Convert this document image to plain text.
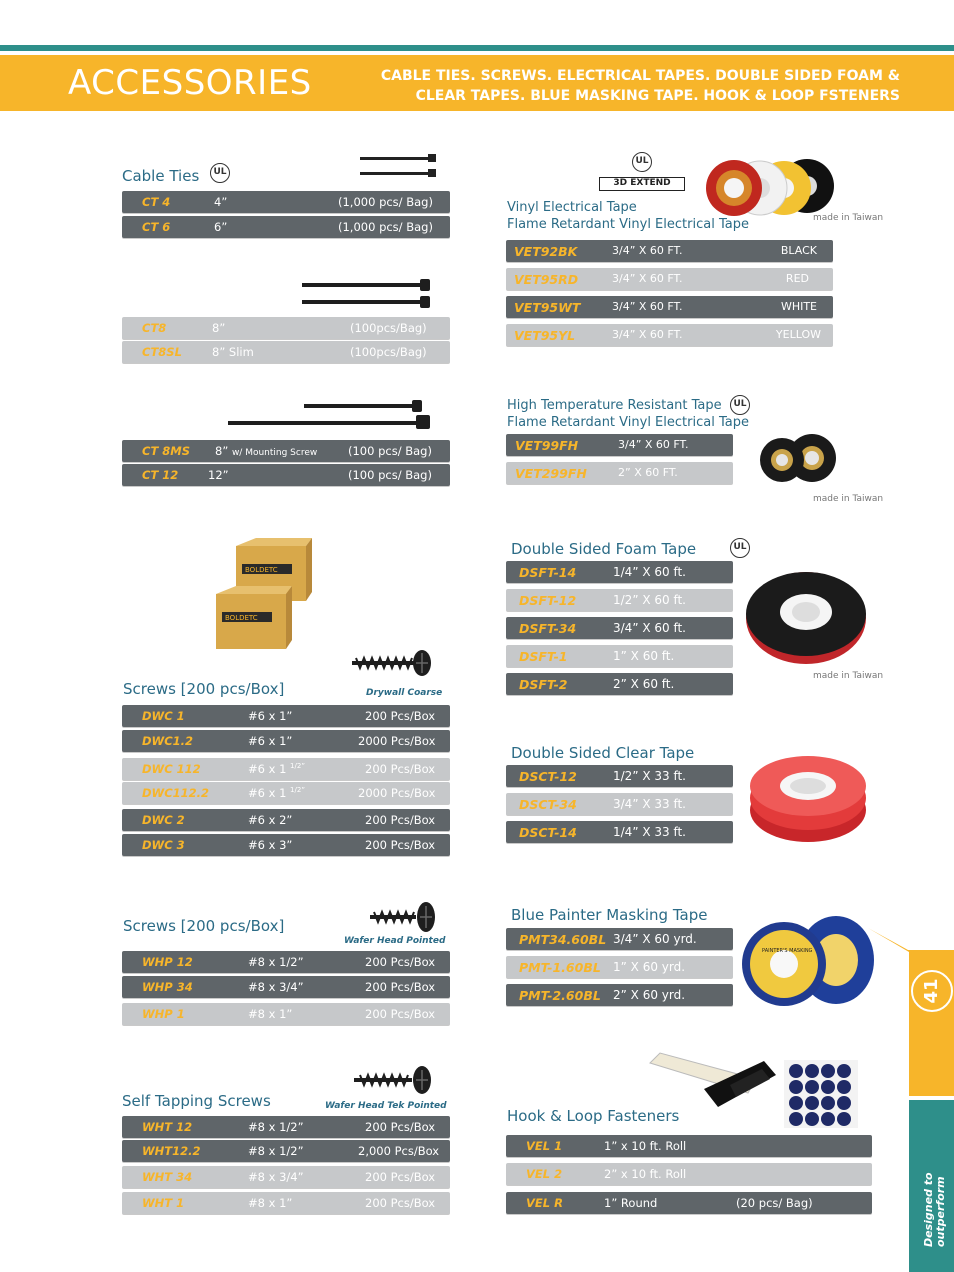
ACCESSORIES	CABLE TIES. SCREWS. ELECTRICAL TAPES. DOUBLE SIDED FOAM &
CLEAR TAPES. BLUE MASKING TAPE. HOOK & LOOP FSTENERS
Cable Ties	UL
CT 4	4”	(1,000 pcs/ Bag)
CT 6	6”	(1,000 pcs/ Bag)
CT8	8”	(100pcs/Bag)
CT8SL	8” Slim	(100pcs/Bag)
CT 8MS 8” w/ Mounting Screw	(100 pcs/ Bag)
CT 12	12”	(100 pcs/ Bag)
BOLDETC
BOLDETC
Screws [200 pcs/Box]	Drywall Coarse
DWC 1	#6 x 1”	200 Pcs/Box
DWC1.2	#6 x 1”	2000 Pcs/Box
DWC 112	#6 x 1 $^{1/2”}$	200 Pcs/Box
DWC112.2	#6 x 1 $^{1/2”}$	2000 Pcs/Box
DWC 2	#6 x 2”	200 Pcs/Box
DWC 3	#6 x 3”	200 Pcs/Box
Screws [200 pcs/Box]
Wafer Head Pointed
WHP 12	#8 x 1/2”	200 Pcs/Box
WHP 34	#8 x 3/4”	200 Pcs/Box
WHP 1	#8 x 1”	200 Pcs/Box
Self Tapping Screws	Wafer Head Tek Pointed
WHT 12	#8 x 1/2”	200 Pcs/Box
WHT12.2	#8 x 1/2”	2,000 Pcs/Box
WHT 34	#8 x 3/4”	200 Pcs/Box
WHT 1	#8 x 1”	200 Pcs/Box
UL
3D EXTEND
Vinyl Electrical Tape
Flame Retardant Vinyl Electrical Tape	made in Taiwan
VET92BK	3/4” X 60 FT.	BLACK
VET95RD	3/4” X 60 FT.	RED
VET95WT	3/4” X 60 FT.	WHITE
VET95YL	3/4” X 60 FT.	YELLOW
High Temperature Resistant Tape
Flame Retardant Vinyl Electrical Tape
UL
VET99FH	3/4” X 60 FT.
VET299FH	2” X 60 FT.
made in Taiwan
Double Sided Foam Tape	UL
DSFT-14	1/4” X 60 ft.
DSFT-12	1/2” X 60 ft.
DSFT-34	3/4” X 60 ft.
DSFT-1	1” X 60 ft.
DSFT-2	2” X 60 ft.
made in Taiwan
Double Sided Clear Tape
DSCT-12	1/2” X 33 ft.
DSCT-34	3/4” X 33 ft.
DSCT-14	1/4” X 33 ft.
Blue Painter Masking Tape
PAINTER'S MASKING
PMT34.60BL 3/4” X 60 yrd.
PMT-1.60BL 1” X 60 yrd.
PMT-2.60BL 2” X 60 yrd.
Hook & Loop Fasteners
VEL 1	1” x 10 ft. Roll
VEL 2	2” x 10 ft. Roll
VEL R	1” Round	(20 pcs/ Bag)
41
Designed to outperform
